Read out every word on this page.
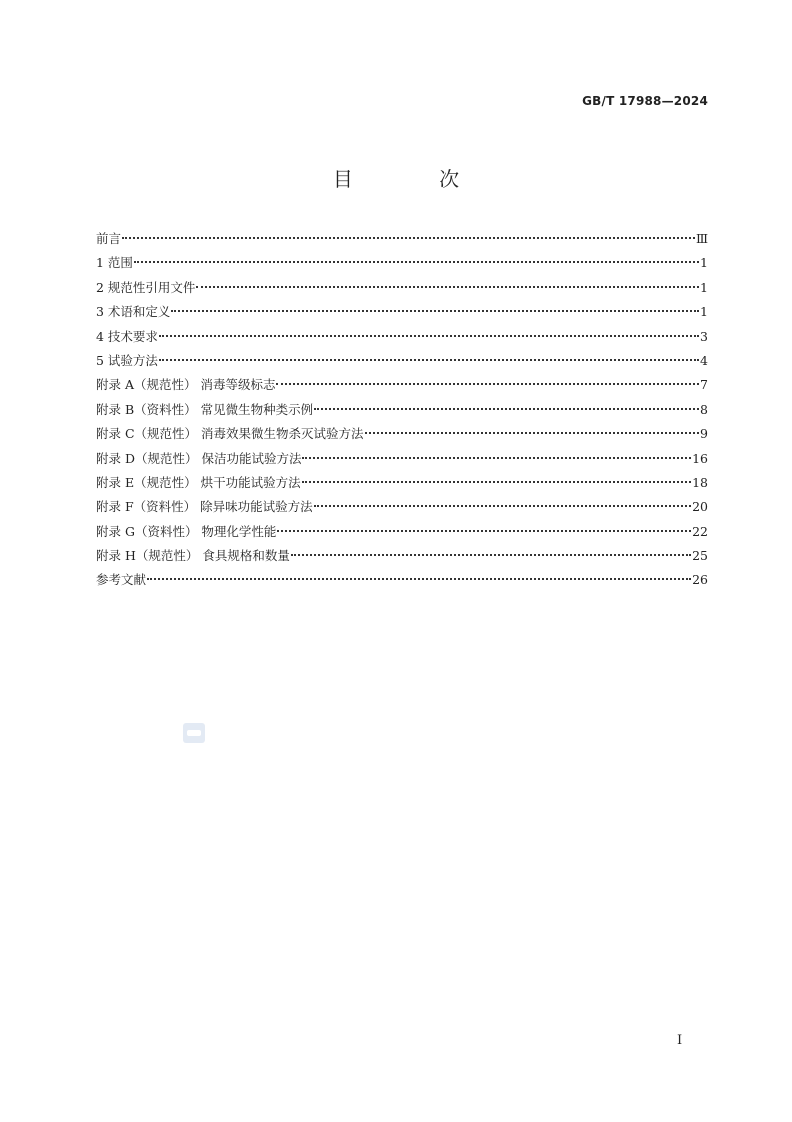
GB/T 17988—2024
目 次
前言	Ⅲ
1 范围	1
2 规范性引用文件	1
3 术语和定义	1
4 技术要求	3
5 试验方法	4
附录 A（规范性） 消毒等级标志	7
附录 B（资料性） 常见微生物种类示例	8
附录 C（规范性） 消毒效果微生物杀灭试验方法	9
附录 D（规范性） 保洁功能试验方法	16
附录 E（规范性） 烘干功能试验方法	18
附录 F（资料性） 除异味功能试验方法	20
附录 G（资料性） 物理化学性能	22
附录 H（规范性） 食具规格和数量	25
参考文献	26
I
